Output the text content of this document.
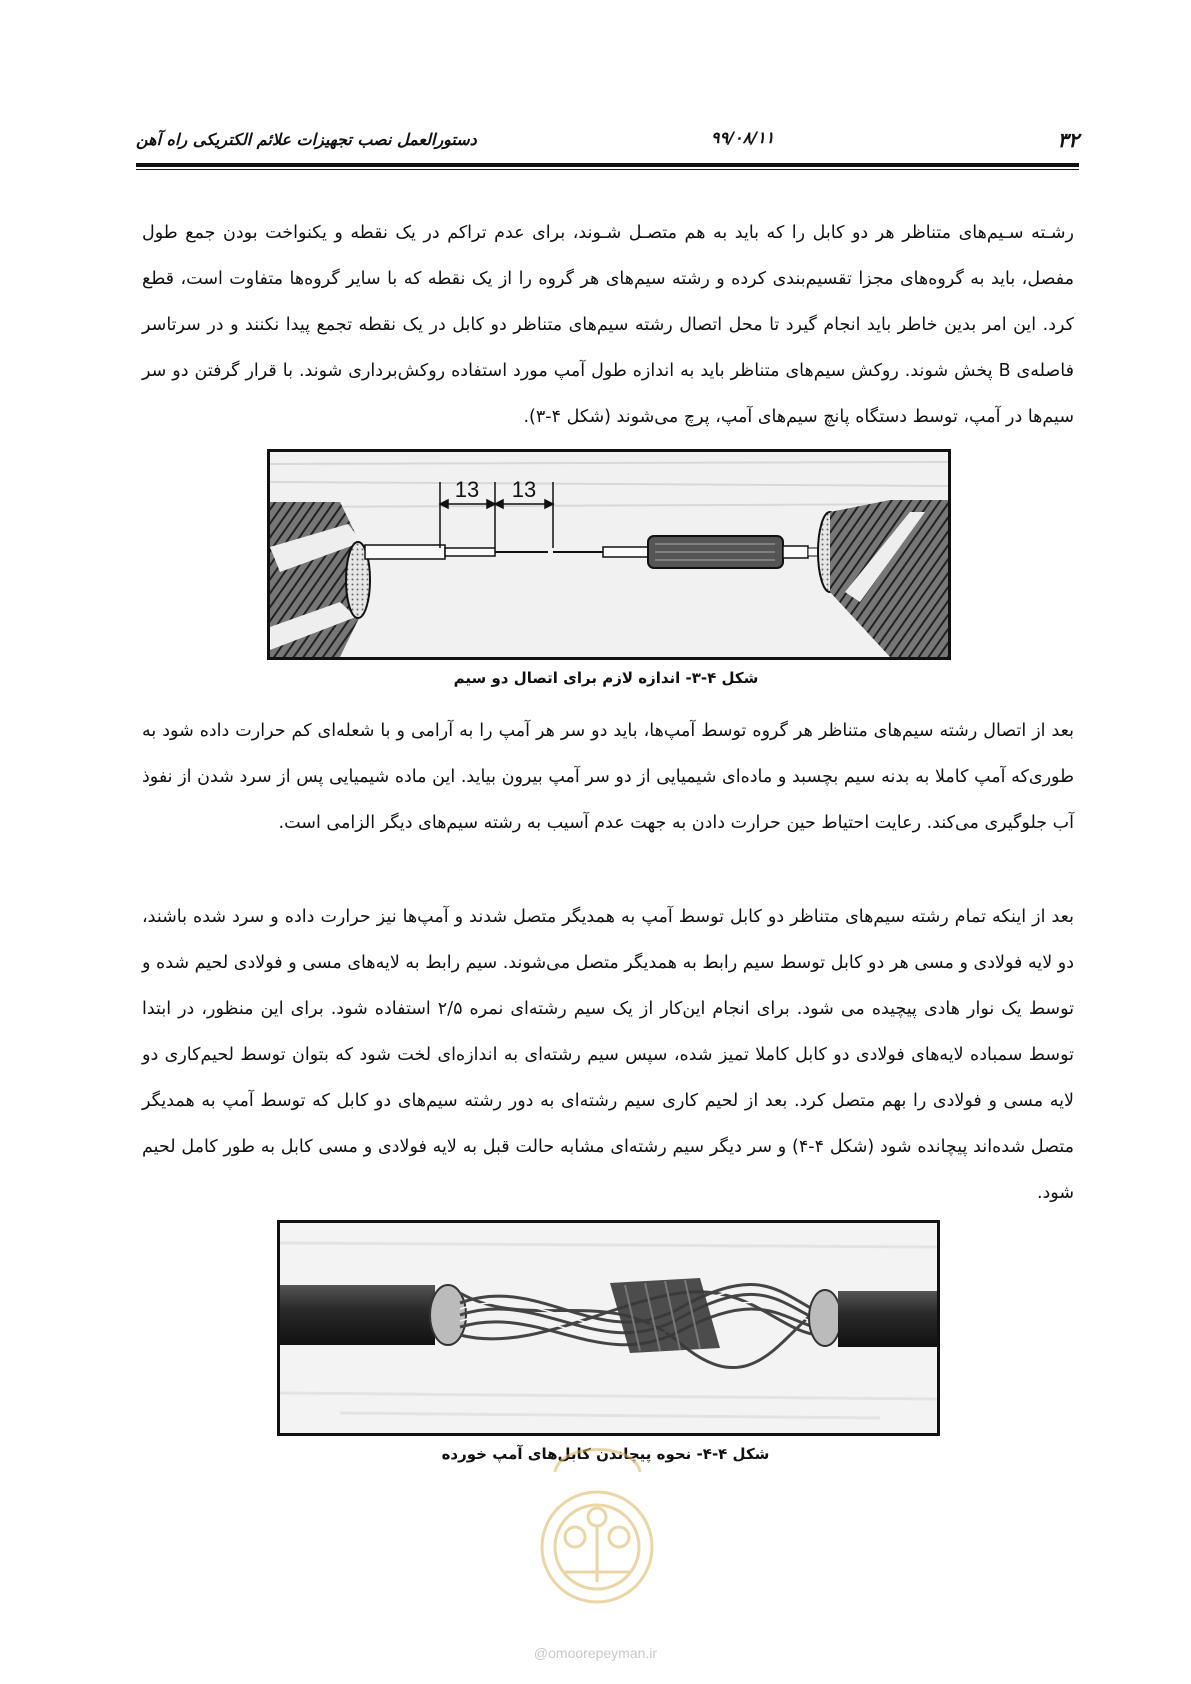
۳۲
۹۹/۰۸/۱۱
دستورالعمل نصب تجهیزات علائم الکتریکی راه آهن

رشـته سـیم‌های متناظر هر دو کابل را که باید به هم متصـل شـوند، برای عدم تراکم در یک نقطه و یکنواخت بودن جمع طول مفصل، باید به گروه‌های مجزا تقسیم‌بندی کرده و رشته سیم‌های هر گروه را از یک نقطه که با سایر گروه‌ها متفاوت است، قطع کرد. این امر بدین خاطر باید انجام گیرد تا محل اتصال رشته سیم‌های متناظر دو کابل در یک نقطه تجمع پیدا نکنند و در سرتاسر فاصله‌ی B پخش شوند. روکش سیم‌های متناظر باید به اندازه طول آمپ مورد استفاده روکش‌برداری شوند. با قرار گرفتن دو سر سیم‌ها در آمپ، توسط دستگاه پانچ سیم‌های آمپ، پرچ می‌شوند (شکل ۴-۳).

13 13
شکل ۴-۳- اندازه لازم برای اتصال دو سیم

بعد از اتصال رشته سیم‌های متناظر هر گروه توسط آمپ‌ها، باید دو سر هر آمپ را به آرامی و با شعله‌ای کم حرارت داده شود به طوری‌که آمپ کاملا به بدنه سیم بچسبد و ماده‌ای شیمیایی از دو سر آمپ بیرون بیاید. این ماده شیمیایی پس از سرد شدن از نفوذ آب جلوگیری می‌کند. رعایت احتیاط حین حرارت دادن به جهت عدم آسیب به رشته سیم‌های دیگر الزامی است.

بعد از اینکه تمام رشته سیم‌های متناظر دو کابل توسط آمپ به همدیگر متصل شدند و آمپ‌ها نیز حرارت داده و سرد شده باشند، دو لایه فولادی و مسی هر دو کابل توسط سیم رابط به همدیگر متصل می‌شوند. سیم رابط به لایه‌های مسی و فولادی لحیم شده و توسط یک نوار هادی پیچیده می شود. برای انجام این‌کار از یک سیم رشته‌ای نمره ۲/۵ استفاده شود. برای این منظور، در ابتدا توسط سمباده لایه‌های فولادی دو کابل کاملا تمیز شده، سپس سیم رشته‌ای به اندازه‌ای لخت شود که بتوان توسط لحیم‌کاری دو لایه مسی و فولادی را بهم متصل کرد. بعد از لحیم کاری سیم رشته‌ای به دور رشته سیم‌های دو کابل که توسط آمپ به همدیگر متصل شده‌اند پیچانده شود (شکل ۴-۴) و سر دیگر سیم رشته‌ای مشابه حالت قبل به لایه فولادی و مسی کابل به طور کامل لحیم شود.

شکل ۴-۴- نحوه پیچاندن کابل‌های آمپ خورده
@omoorepeyman.ir
